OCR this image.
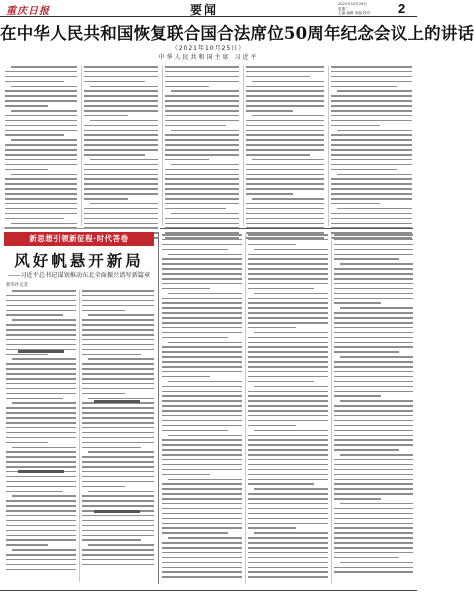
重庆日报	要闻	2021年10月26日
星期二
主编 编辑 美编 校对 2
在中华人民共和国恢复联合国合法席位50周年纪念会议上的讲话
（2021年10月25日）
中华人民共和国主席 习近平
新思想引领新征程·时代答卷
风好帆悬开新局
——习近平总书记谋划推动东北全面振兴谱写新篇章
新华社记者
